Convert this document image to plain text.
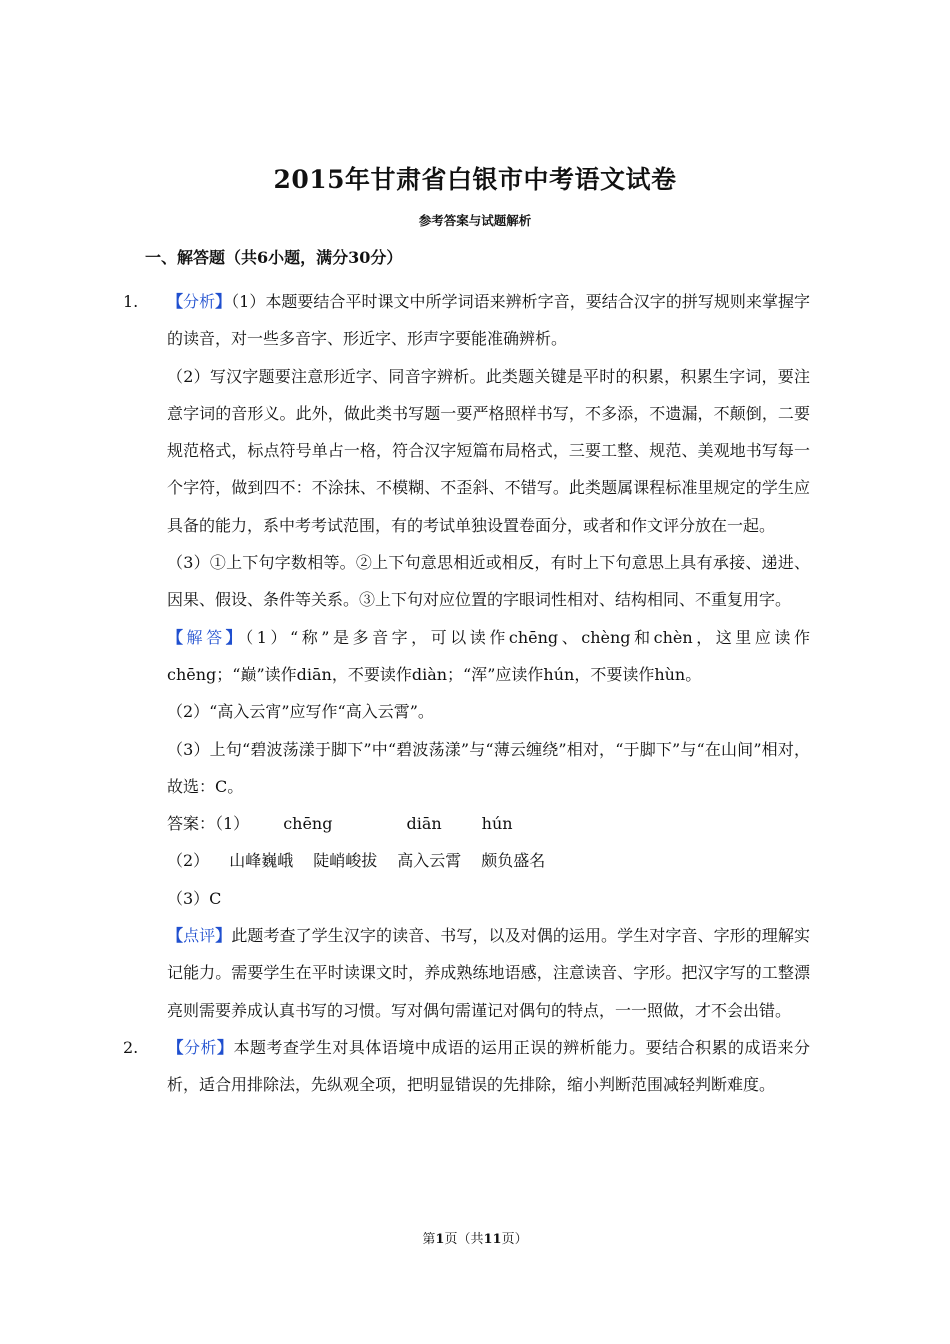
2015年甘肃省白银市中考语文试卷
参考答案与试题解析
一、解答题（共6小题，满分30分）

1. 【分析】（1）本题要结合平时课文中所学词语来辨析字音，要结合汉字的拼写规则来掌握字的读音，对一些多音字、形近字、形声字要能准确辨析。

（2）写汉字题要注意形近字、同音字辨析。此类题关键是平时的积累，积累生字词，要注意字词的音形义。此外，做此类书写题一要严格照样书写，不多添，不遗漏，不颠倒，二要规范格式，标点符号单占一格，符合汉字短篇布局格式，三要工整、规范、美观地书写每一个字符，做到四不：不涂抹、不模糊、不歪斜、不错写。此类题属课程标准里规定的学生应具备的能力，系中考考试范围，有的考试单独设置卷面分，或者和作文评分放在一起。

（3）①上下句字数相等。②上下句意思相近或相反，有时上下句意思上具有承接、递进、因果、假设、条件等关系。③上下句对应位置的字眼词性相对、结构相同、不重复用字。

【解答】（1）“称”是多音字，可以读作chēng、chèng和chèn，这里应读作chēng；“巅”读作diān，不要读作diàn；“浑”应读作hún，不要读作hùn。

（2）“高入云宵”应写作“高入云霄”。

（3）上句“碧波荡漾于脚下”中“碧波荡漾”与“薄云缠绕”相对，“于脚下”与“在山间”相对，故选：C。

答案：（1） chēng	diān	hún

（2） 山峰巍峨 陡峭峻拔 高入云霄 颇负盛名

（3）C

【点评】此题考查了学生汉字的读音、书写，以及对偶的运用。学生对字音、字形的理解实记能力。需要学生在平时读课文时，养成熟练地语感，注意读音、字形。把汉字写的工整漂亮则需要养成认真书写的习惯。写对偶句需谨记对偶句的特点，一一照做，才不会出错。

2. 【分析】本题考查学生对具体语境中成语的运用正误的辨析能力。要结合积累的成语来分析，适合用排除法，先纵观全项，把明显错误的先排除，缩小判断范围减轻判断难度。

第1页（共11页）
